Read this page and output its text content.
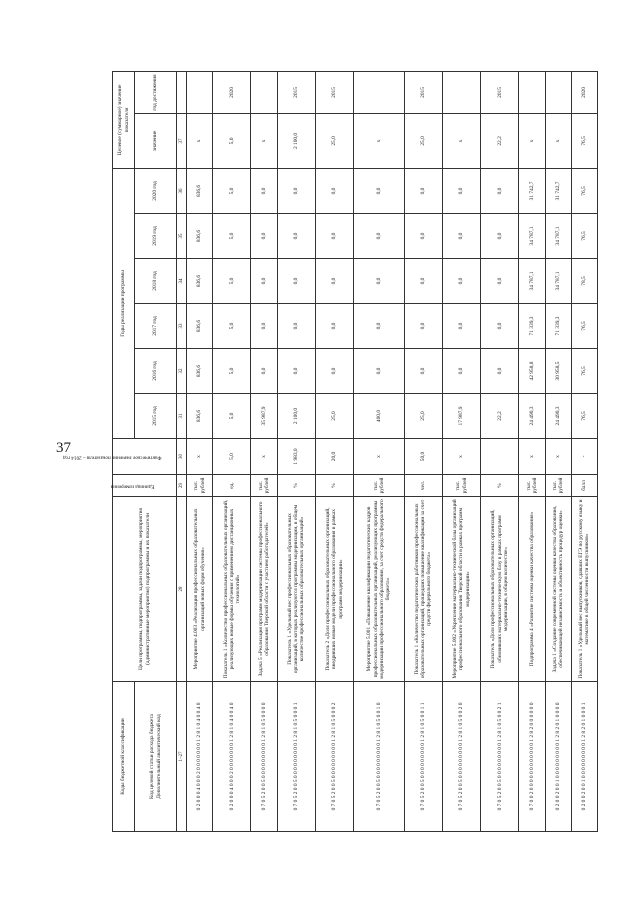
37
Коды бюджетной классификации	Цели программы, подпрограммы, задачи подпрограммы, мероприятия (административные мероприятия) подпрограммы и их показатели	Единица измерения	Фактическое значение показателя – 2014 год	Годы реализации программы						Целевое (суммарное) значение показателя	

Код целевой статьи расхода бюджета Дополнительный аналитический код				2015 год	2016 год	2017 год	2018 год	2019 год	2020 год	значение	год достижения
1–27	28	29	30	31	32	33	34	35	36	37	
0 2 0 0 0 4 0 0 0 2 0 0 0 0 0 0 0 1 2 8 1 0 4 0 0 4 0	Мероприятие 4.003 «Реализация профессиональных образовательных организаций новых форм обучения»	тыс. рублей	х	836,6	836,6	836,6	836,6	836,6	836,6	х	
0 2 0 0 0 4 0 0 0 2 0 0 0 0 0 0 0 1 2 8 1 0 4 0 0 4 0	Показатель 1 «Количество профессиональных образовательных организаций, реализующих новые формы обучения с применением дистанционных технологий»	ед.	5,0	5,0	5,0	5,0	5,0	5,0	5,0	5,0	2020
0 7 0 5 2 0 0 5 0 0 0 0 0 0 0 0 0 1 2 8 1 0 5 0 0 0 0	Задача 5 «Реализация программ модернизации системы профессионального образования Тверской области с участием работодателей»	тыс. рублей	х	35 987,9	0,0	0,0	0,0	0,0	0,0	х	
0 7 0 5 2 0 0 5 0 0 0 0 0 0 0 0 0 1 2 8 1 0 5 0 0 0 1	Показатель 1 «Удельный вес профессиональных образовательных организаций, в которых реализуются программы модернизации, в общем количестве профессиональных образовательных организаций»	%	1 983,0	2 100,0	0,0	0,0	0,0	0,0	0,0	2 100,0	2015
0 7 0 5 2 0 0 5 0 0 0 0 0 0 0 0 0 1 2 8 1 0 5 0 0 0 2	Показатель 2 «Доля профессиональных образовательных организаций, внедривших новые модели профессионального образования в рамках программ модернизации»	%	20,0	25,0	0,0	0,0	0,0	0,0	0,0	25,0	2015
0 7 0 5 2 0 0 5 0 0 0 0 0 0 0 0 0 1 2 8 1 0 5 0 0 1 0	Мероприятие 5.001 «Повышение квалификации педагогических кадров профессиональных образовательных организаций, реализующих программы модернизации профессионального образования, за счет средств федерального бюджета»	тыс. рублей	х	400,0	0,0	0,0	0,0	0,0	0,0	х	
0 7 0 5 2 0 0 5 0 0 0 0 0 0 0 0 0 1 2 8 1 0 5 0 0 1 1	Показатель 1 «Количество педагогических работников профессиональных образовательных организаций, прошедших повышение квалификации за счет средств федерального бюджета»	чел.	50,0	25,0	0,0	0,0	0,0	0,0	0,0	25,0	2015
0 7 0 5 2 0 0 5 0 0 0 0 0 0 0 0 0 1 2 8 1 0 5 0 0 2 0	Мероприятие 5.002 «Укрепление материально-технической базы организаций профессионального образования Тверской области в рамках программ модернизации»	тыс. рублей	х	17 987,9	0,0	0,0	0,0	0,0	0,0	х	
0 7 0 5 2 0 0 5 0 0 0 0 0 0 0 0 0 1 2 8 1 0 5 0 0 2 1	Показатель «Доля профессиональных образовательных организаций, обновивших материально-техническую базу в рамках программ модернизации, в общем количестве»	%		22,2	0,0	0,0	0,0	0,0	0,0	22,2	2015
0 7 0 0 2 0 0 0 0 0 0 0 0 0 0 0 0 1 2 8 2 0 0 0 0 0 0	Подпрограмма 4 «Развитие системы оценки качества образования»	тыс. рублей	х	24 490,3	42 958,8	71 339,3	34 787,1	34 787,1	31 742,7	х	
0 2 0 0 2 0 0 1 0 0 0 0 0 0 0 0 0 1 2 8 2 0 1 0 0 0 0	Задача 1 «Создание современной системы оценки качества образования, обеспечивающей независимость и объективность процедур оценки»	тыс. рублей	х	24 490,3	30 958,5	71 339,3	34 787,1	34 787,1	31 742,7	х	
0 2 0 0 2 0 0 1 0 0 0 0 0 0 0 0 0 1 2 8 2 0 1 0 0 0 1	Показатель 1 «Удельный вес выпускников, сдавших ЕГЭ по русскому языку и математике в общей численности выпускников»	балл	-	76,5	76,5	76,5	78,5	76,5	76,5	76,5	2020
